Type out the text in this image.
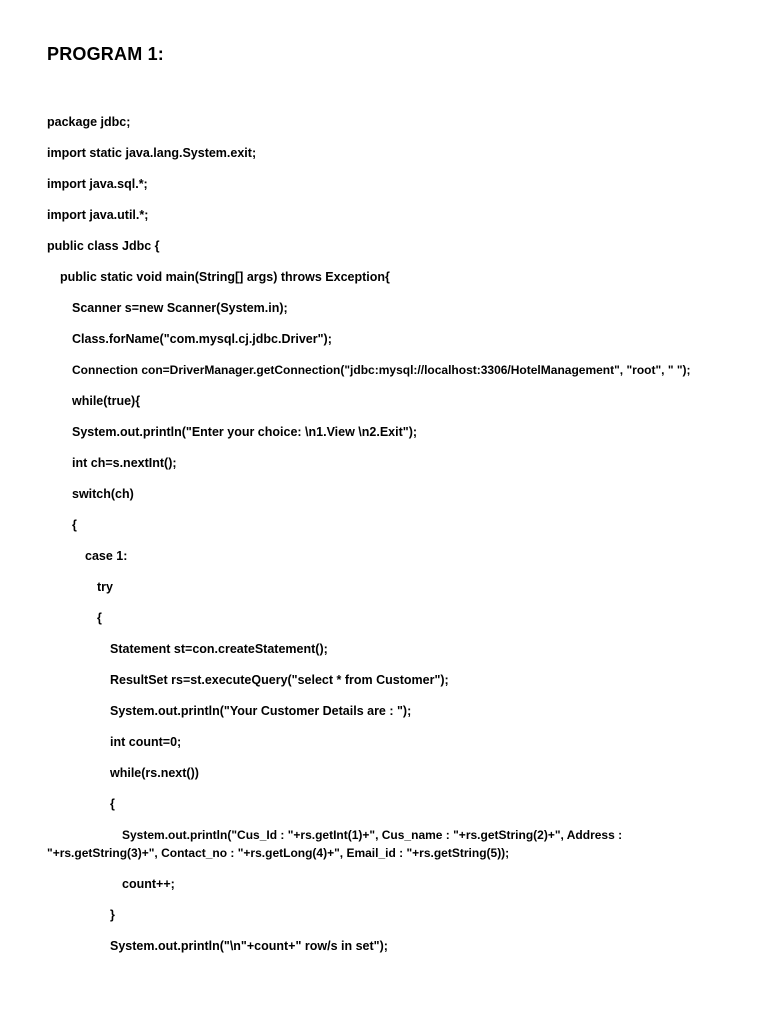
PROGRAM 1:
package jdbc;
import static java.lang.System.exit;
import java.sql.*;
import java.util.*;
public class Jdbc {
public static void main(String[] args) throws Exception{
Scanner s=new Scanner(System.in);
Class.forName("com.mysql.cj.jdbc.Driver");
Connection con=DriverManager.getConnection("jdbc:mysql://localhost:3306/HotelManagement", "root", " ");
while(true){
System.out.println("Enter your choice: \n1.View \n2.Exit");
int ch=s.nextInt();
switch(ch)
{
case 1:
try
{
Statement st=con.createStatement();
ResultSet rs=st.executeQuery("select * from Customer");
System.out.println("Your Customer Details are : ");
int count=0;
while(rs.next())
{
System.out.println("Cus_Id : "+rs.getInt(1)+", Cus_name : "+rs.getString(2)+", Address :
"+rs.getString(3)+", Contact_no : "+rs.getLong(4)+", Email_id : "+rs.getString(5));
count++;
}
System.out.println("\n"+count+" row/s in set");
